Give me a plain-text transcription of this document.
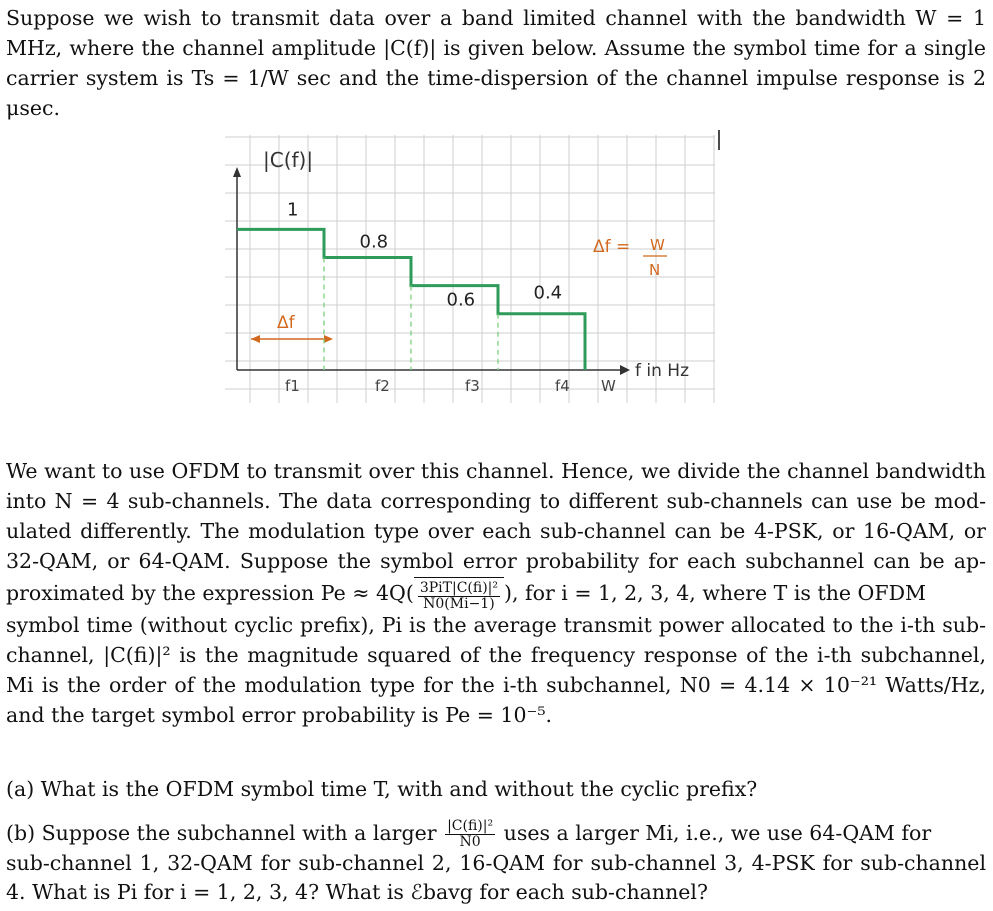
Suppose we wish to transmit data over a band limited channel with the bandwidth W = 1
MHz, where the channel amplitude |C(f)| is given below. Assume the symbol time for a single
carrier system is Ts = 1/W sec and the time-dispersion of the channel impulse response is 2
μsec.
|C(f)|
f in Hz
Δf = W
N
Δf
1
0.8
0.6	0.4
f1	f2	f3	f4 W
We want to use OFDM to transmit over this channel. Hence, we divide the channel bandwidth
into N = 4 sub-channels. The data corresponding to different sub-channels can use be mod-
ulated differently. The modulation type over each sub-channel can be 4-PSK, or 16-QAM, or
32-QAM, or 64-QAM. Suppose the symbol error probability for each subchannel can be ap-
proximated by the expression $Pe \approx 4Q( \frac{\text{3PiT|C(fi)|²}}{N0(Mi-1)}$ ), for i = 1, 2, 3, 4, where T is the OFDM
symbol time (without cyclic prefix), Pi is the average transmit power allocated to the i-th sub-
channel, |C(fi)|² is the magnitude squared of the frequency response of the i-th subchannel,
Mi is the order of the modulation type for the i-th subchannel, N0 = 4.14 × 10⁻²¹ Watts/Hz,
and the target symbol error probability is Pe = 10⁻⁵.
(a) What is the OFDM symbol time T, with and without the cyclic prefix?
(b) Suppose the subchannel with a larger $\frac{\text{|C(fi)|²}}{N0}$ uses a larger Mi, i.e., we use 64-QAM for
sub-channel 1, 32-QAM for sub-channel 2, 16-QAM for sub-channel 3, 4-PSK for sub-channel
4. What is Pi for i = 1, 2, 3, 4? What is ℰbavg for each sub-channel?
